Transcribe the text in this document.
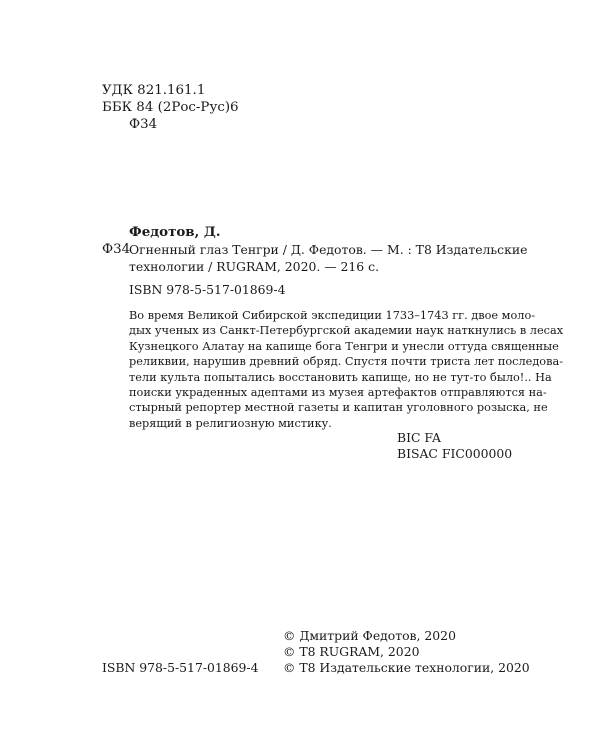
УДК 821.161.1
ББК 84 (2Рос-Рус)6
Ф34
Федотов, Д.
Ф34
Огненный глаз Тенгри / Д. Федотов. — М. : Т8 Издательские
технологии / RUGRAM, 2020. — 216 с.
ISBN 978-5-517-01869-4
Во время Великой Сибирской экспедиции 1733–1743 гг. двое моло-
дых ученых из Санкт-Петербургской академии наук наткнулись в лесах
Кузнецкого Алатау на капище бога Тенгри и унесли оттуда священные
реликвии, нарушив древний обряд. Спустя почти триста лет последова-
тели культа попытались восстановить капище, но не тут-то было!.. На
поиски украденных адептами из музея артефактов отправляются на-
стырный репортер местной газеты и капитан уголовного розыска, не
верящий в религиозную мистику.
BIC FA
BISAC FIC000000
© Дмитрий Федотов, 2020
© T8 RUGRAM, 2020
© Т8 Издательские технологии, 2020
ISBN 978-5-517-01869-4
